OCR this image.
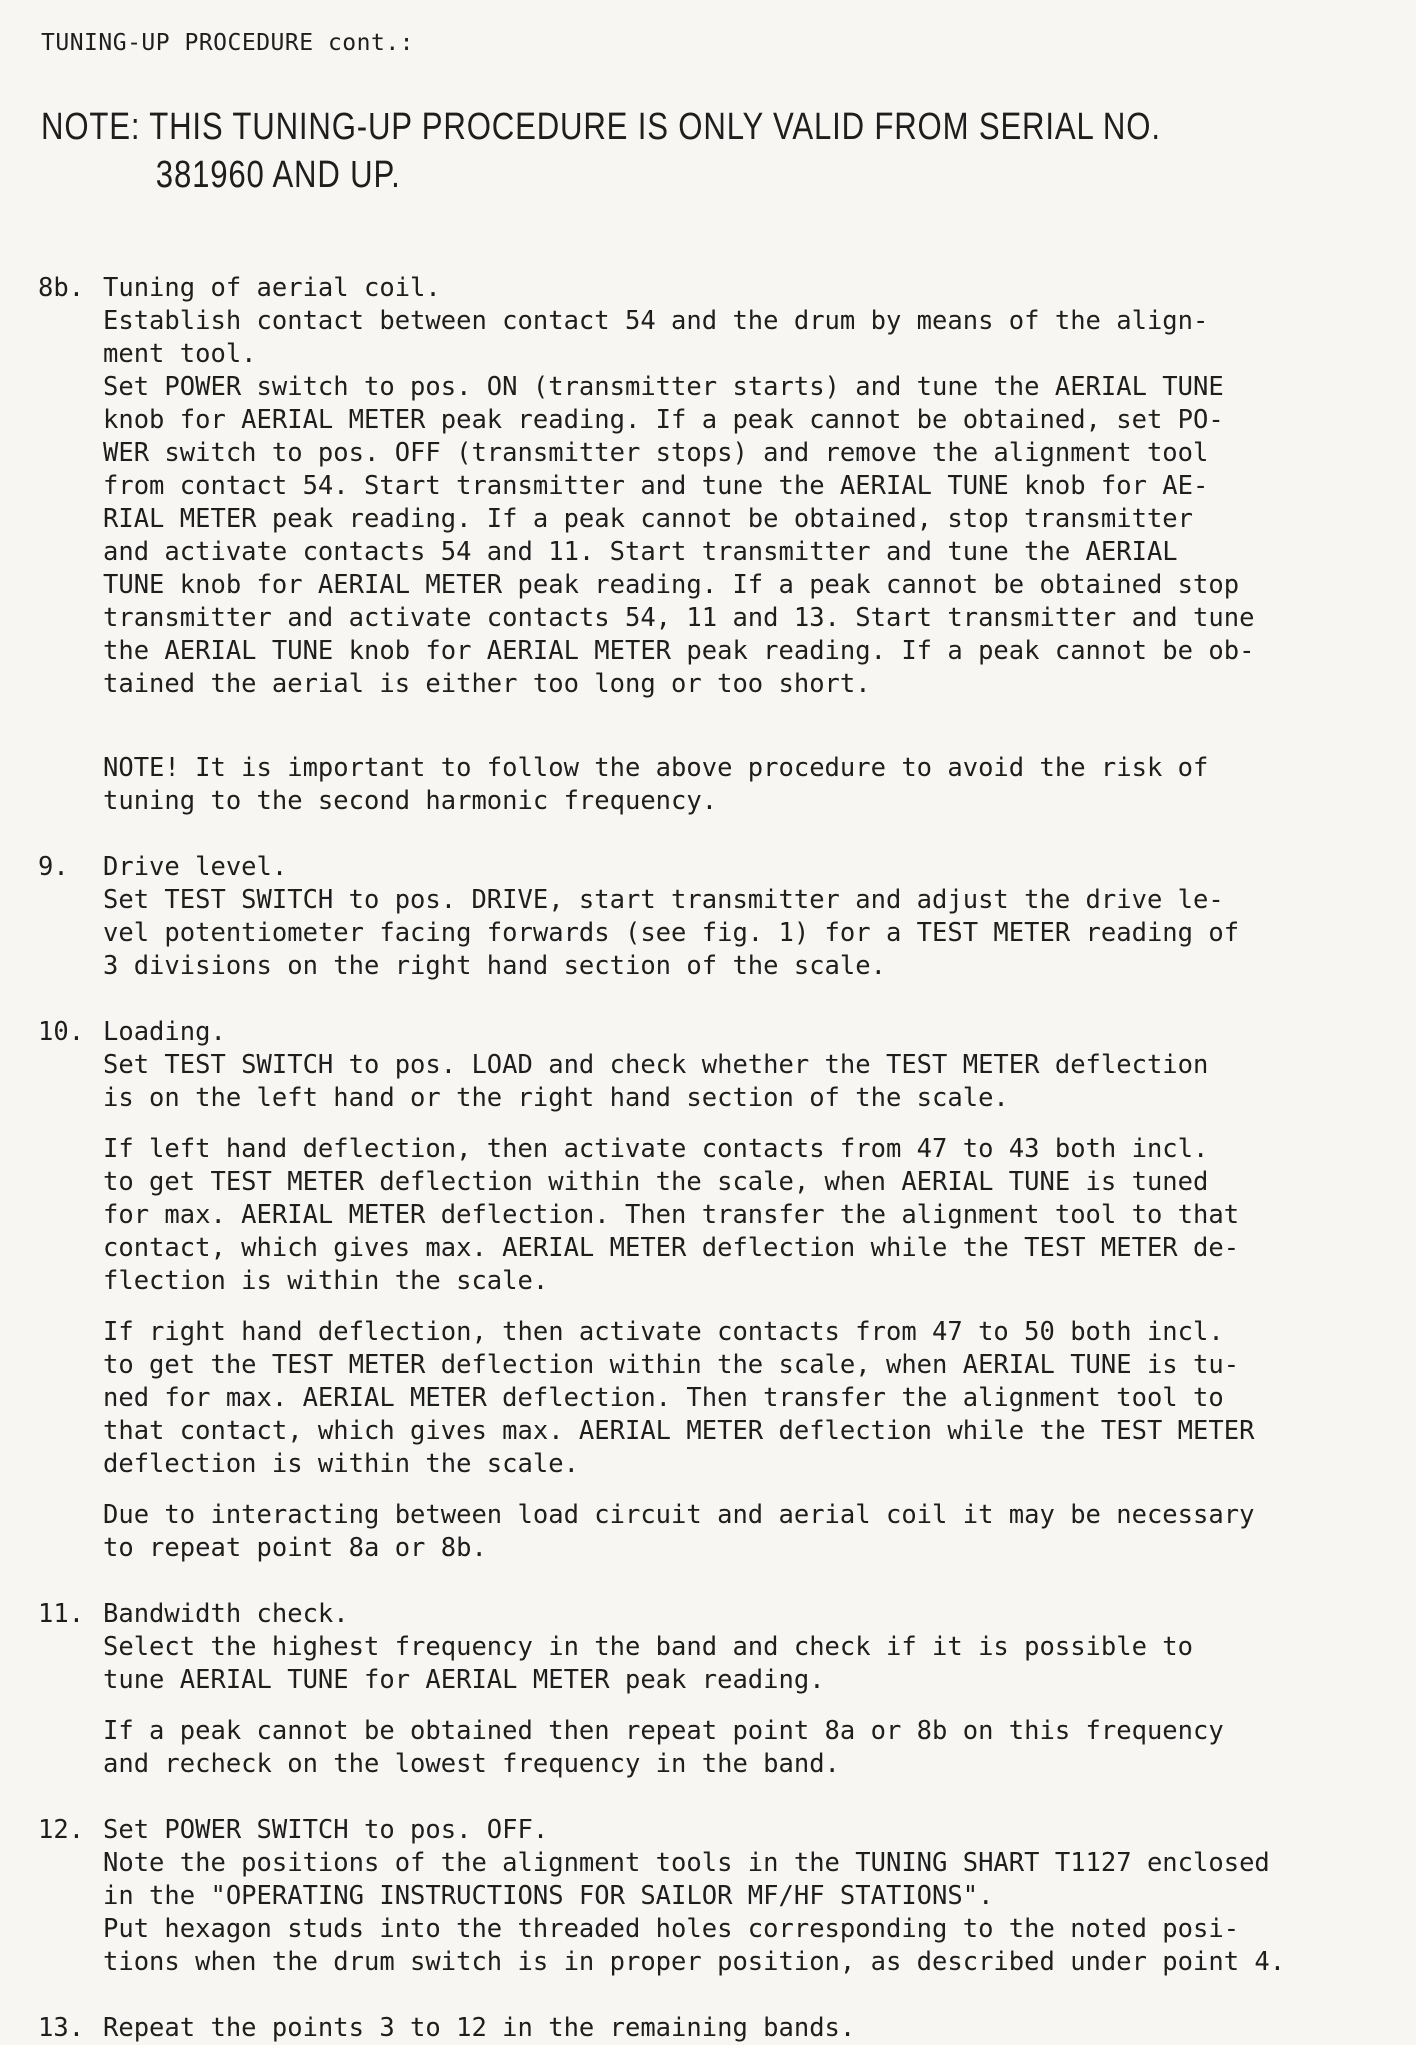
TUNING-UP PROCEDURE cont.:
NOTE: THIS TUNING-UP PROCEDURE IS ONLY VALID FROM SERIAL NO.
381960 AND UP.
8b. Tuning of aerial coil.
Establish contact between contact 54 and the drum by means of the align-
ment tool.
Set POWER switch to pos. ON (transmitter starts) and tune the AERIAL TUNE
knob for AERIAL METER peak reading. If a peak cannot be obtained, set PO-
WER switch to pos. OFF (transmitter stops) and remove the alignment tool
from contact 54. Start transmitter and tune the AERIAL TUNE knob for AE-
RIAL METER peak reading. If a peak cannot be obtained, stop transmitter
and activate contacts 54 and 11. Start transmitter and tune the AERIAL
TUNE knob for AERIAL METER peak reading. If a peak cannot be obtained stop
transmitter and activate contacts 54, 11 and 13. Start transmitter and tune
the AERIAL TUNE knob for AERIAL METER peak reading. If a peak cannot be ob-
tained the aerial is either too long or too short.

NOTE! It is important to follow the above procedure to avoid the risk of
tuning to the second harmonic frequency.
9.	Drive level.
Set TEST SWITCH to pos. DRIVE, start transmitter and adjust the drive le-
vel potentiometer facing forwards (see fig. 1) for a TEST METER reading of
3 divisions on the right hand section of the scale.
10. Loading.
Set TEST SWITCH to pos. LOAD and check whether the TEST METER deflection
is on the left hand or the right hand section of the scale.
If left hand deflection, then activate contacts from 47 to 43 both incl.
to get TEST METER deflection within the scale, when AERIAL TUNE is tuned
for max. AERIAL METER deflection. Then transfer the alignment tool to that
contact, which gives max. AERIAL METER deflection while the TEST METER de-
flection is within the scale.
If right hand deflection, then activate contacts from 47 to 50 both incl.
to get the TEST METER deflection within the scale, when AERIAL TUNE is tu-
ned for max. AERIAL METER deflection. Then transfer the alignment tool to
that contact, which gives max. AERIAL METER deflection while the TEST METER
deflection is within the scale.
Due to interacting between load circuit and aerial coil it may be necessary
to repeat point 8a or 8b.
11. Bandwidth check.
Select the highest frequency in the band and check if it is possible to
tune AERIAL TUNE for AERIAL METER peak reading.
If a peak cannot be obtained then repeat point 8a or 8b on this frequency
and recheck on the lowest frequency in the band.
12. Set POWER SWITCH to pos. OFF.
Note the positions of the alignment tools in the TUNING SHART T1127 enclosed
in the "OPERATING INSTRUCTIONS FOR SAILOR MF/HF STATIONS".
Put hexagon studs into the threaded holes corresponding to the noted posi-
tions when the drum switch is in proper position, as described under point 4.
13. Repeat the points 3 to 12 in the remaining bands.
